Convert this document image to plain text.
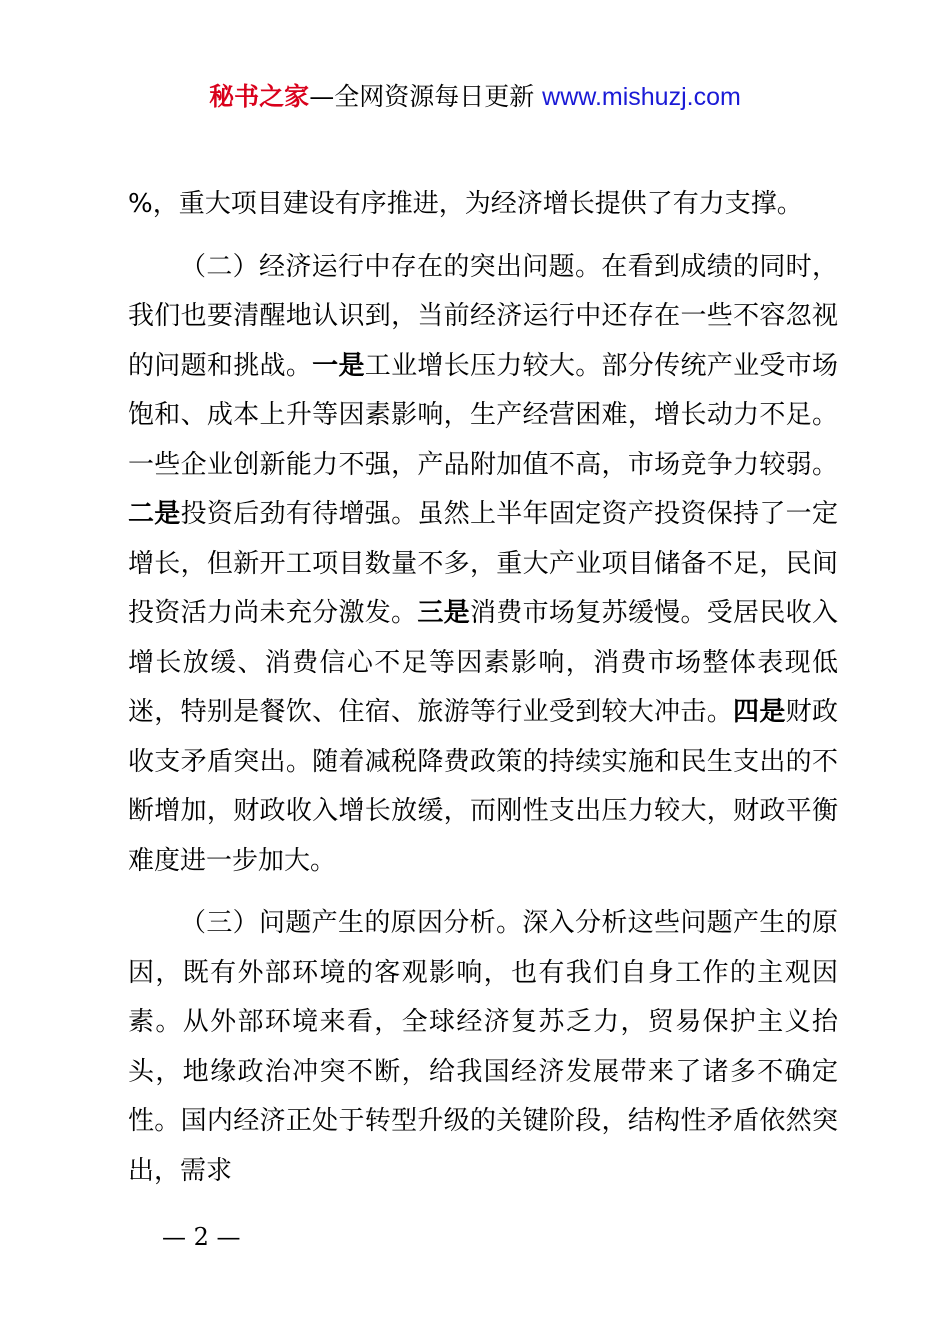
秘书之家—全网资源每日更新 www.mishuzj.com

%，重大项目建设有序推进，为经济增长提供了有力支撑。

（二）经济运行中存在的突出问题。在看到成绩的同时，我们也要清醒地认识到，当前经济运行中还存在一些不容忽视的问题和挑战。一是工业增长压力较大。部分传统产业受市场饱和、成本上升等因素影响，生产经营困难，增长动力不足。一些企业创新能力不强，产品附加值不高，市场竞争力较弱。二是投资后劲有待增强。虽然上半年固定资产投资保持了一定增长，但新开工项目数量不多，重大产业项目储备不足，民间投资活力尚未充分激发。三是消费市场复苏缓慢。受居民收入增长放缓、消费信心不足等因素影响，消费市场整体表现低迷，特别是餐饮、住宿、旅游等行业受到较大冲击。四是财政收支矛盾突出。随着减税降费政策的持续实施和民生支出的不断增加，财政收入增长放缓，而刚性支出压力较大，财政平衡难度进一步加大。

（三）问题产生的原因分析。深入分析这些问题产生的原因，既有外部环境的客观影响，也有我们自身工作的主观因素。从外部环境来看，全球经济复苏乏力，贸易保护主义抬头，地缘政治冲突不断，给我国经济发展带来了诸多不确定性。国内经济正处于转型升级的关键阶段，结构性矛盾依然突出，需求

— 2 —
